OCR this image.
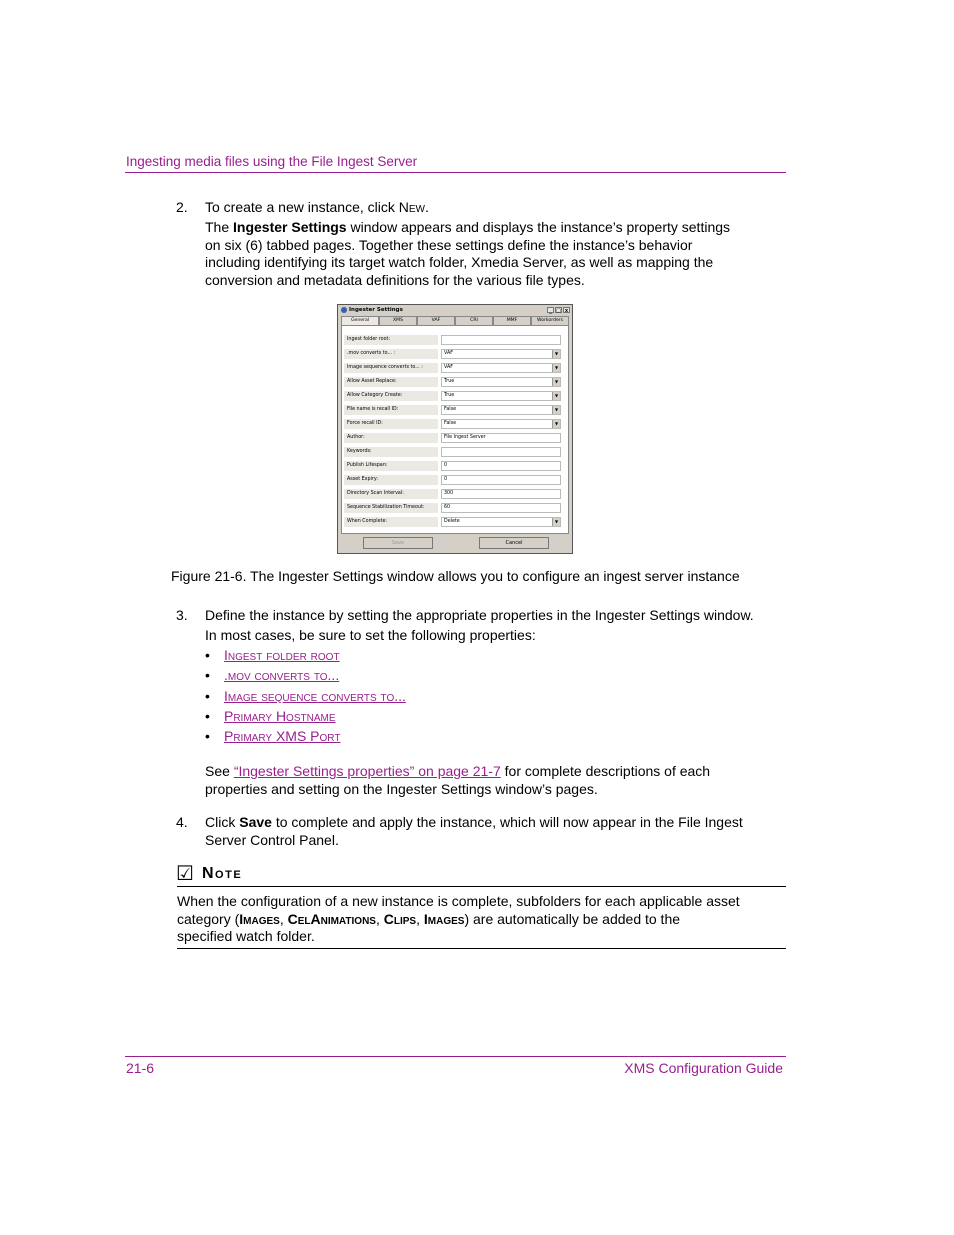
Ingesting media files using the File Ingest Server
2. To create a new instance, click New.
The Ingester Settings window appears and displays the instance’s property settings
on six (6) tabbed pages. Together these settings define the instance’s behavior
including identifying its target watch folder, Xmedia Server, as well as mapping the
conversion and metadata definitions for the various file types.
Ingester Settings	_ □ x
General	XMS	VAF	CRI	MMF	Workorders
Ingest folder root:
.mov converts to... :	VAF	▼
Image sequence converts to... :	VAF	▼
Allow Asset Replace:	True	▼
Allow Category Create:	True	▼
File name is recall ID:	False	▼
Force recall ID:	False	▼
Author:	File Ingest Server
Keywords:
Publish Lifespan:	0
Asset Expiry:	0
Directory Scan Interval:	300
Sequence Stabilization Timeout:	60
When Complete:	Delete	▼
Save	Cancel
Figure 21-6. The Ingester Settings window allows you to configure an ingest server instance
3. Define the instance by setting the appropriate properties in the Ingester Settings window.
In most cases, be sure to set the following properties:
• Ingest folder root
• .mov converts to...
• Image sequence converts to...
• Primary Hostname
• Primary XMS Port
See “Ingester Settings properties” on page 21-7 for complete descriptions of each
properties and setting on the Ingester Settings window’s pages.
4. Click Save to complete and apply the instance, which will now appear in the File Ingest
Server Control Panel.
☑ Note
When the configuration of a new instance is complete, subfolders for each applicable asset
category (Images, CelAnimations, Clips, Images) are automatically be added to the
specified watch folder.
21-6	XMS Configuration Guide
